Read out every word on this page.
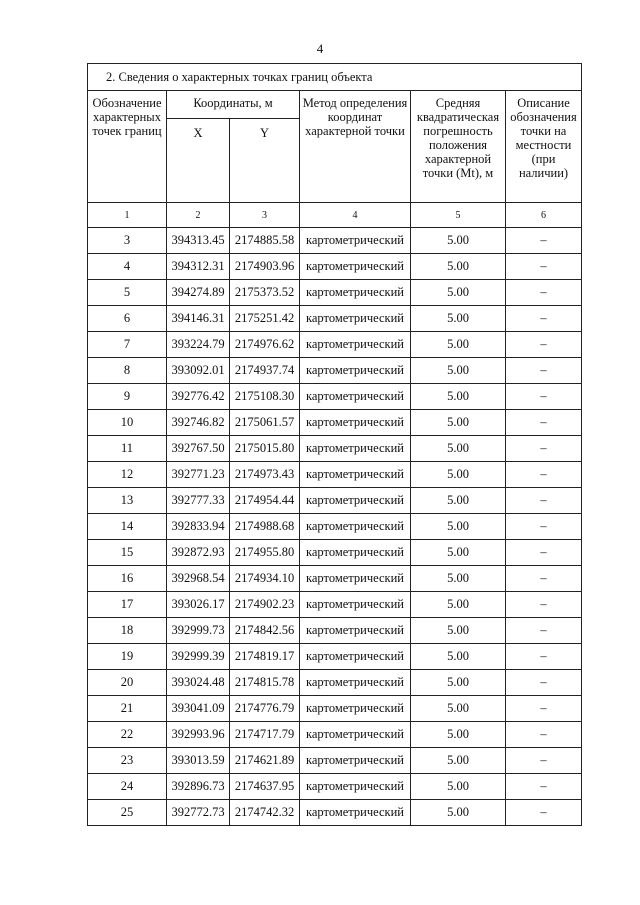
4
2. Сведения о характерных точках границ объекта					
Обозначение характерных точек границ	Координаты, м		Метод определения координат характерной точки	Средняя квадратическая погрешность положения характерной точки (Mt), м	Описание обозначения точки на местности (при наличии)
	X	Y			
1	2	3	4	5	6
3	394313.45	2174885.58	картометрический	5.00	–
4	394312.31	2174903.96	картометрический	5.00	–
5	394274.89	2175373.52	картометрический	5.00	–
6	394146.31	2175251.42	картометрический	5.00	–
7	393224.79	2174976.62	картометрический	5.00	–
8	393092.01	2174937.74	картометрический	5.00	–
9	392776.42	2175108.30	картометрический	5.00	–
10	392746.82	2175061.57	картометрический	5.00	–
11	392767.50	2175015.80	картометрический	5.00	–
12	392771.23	2174973.43	картометрический	5.00	–
13	392777.33	2174954.44	картометрический	5.00	–
14	392833.94	2174988.68	картометрический	5.00	–
15	392872.93	2174955.80	картометрический	5.00	–
16	392968.54	2174934.10	картометрический	5.00	–
17	393026.17	2174902.23	картометрический	5.00	–
18	392999.73	2174842.56	картометрический	5.00	–
19	392999.39	2174819.17	картометрический	5.00	–
20	393024.48	2174815.78	картометрический	5.00	–
21	393041.09	2174776.79	картометрический	5.00	–
22	392993.96	2174717.79	картометрический	5.00	–
23	393013.59	2174621.89	картометрический	5.00	–
24	392896.73	2174637.95	картометрический	5.00	–
25	392772.73	2174742.32	картометрический	5.00	–
